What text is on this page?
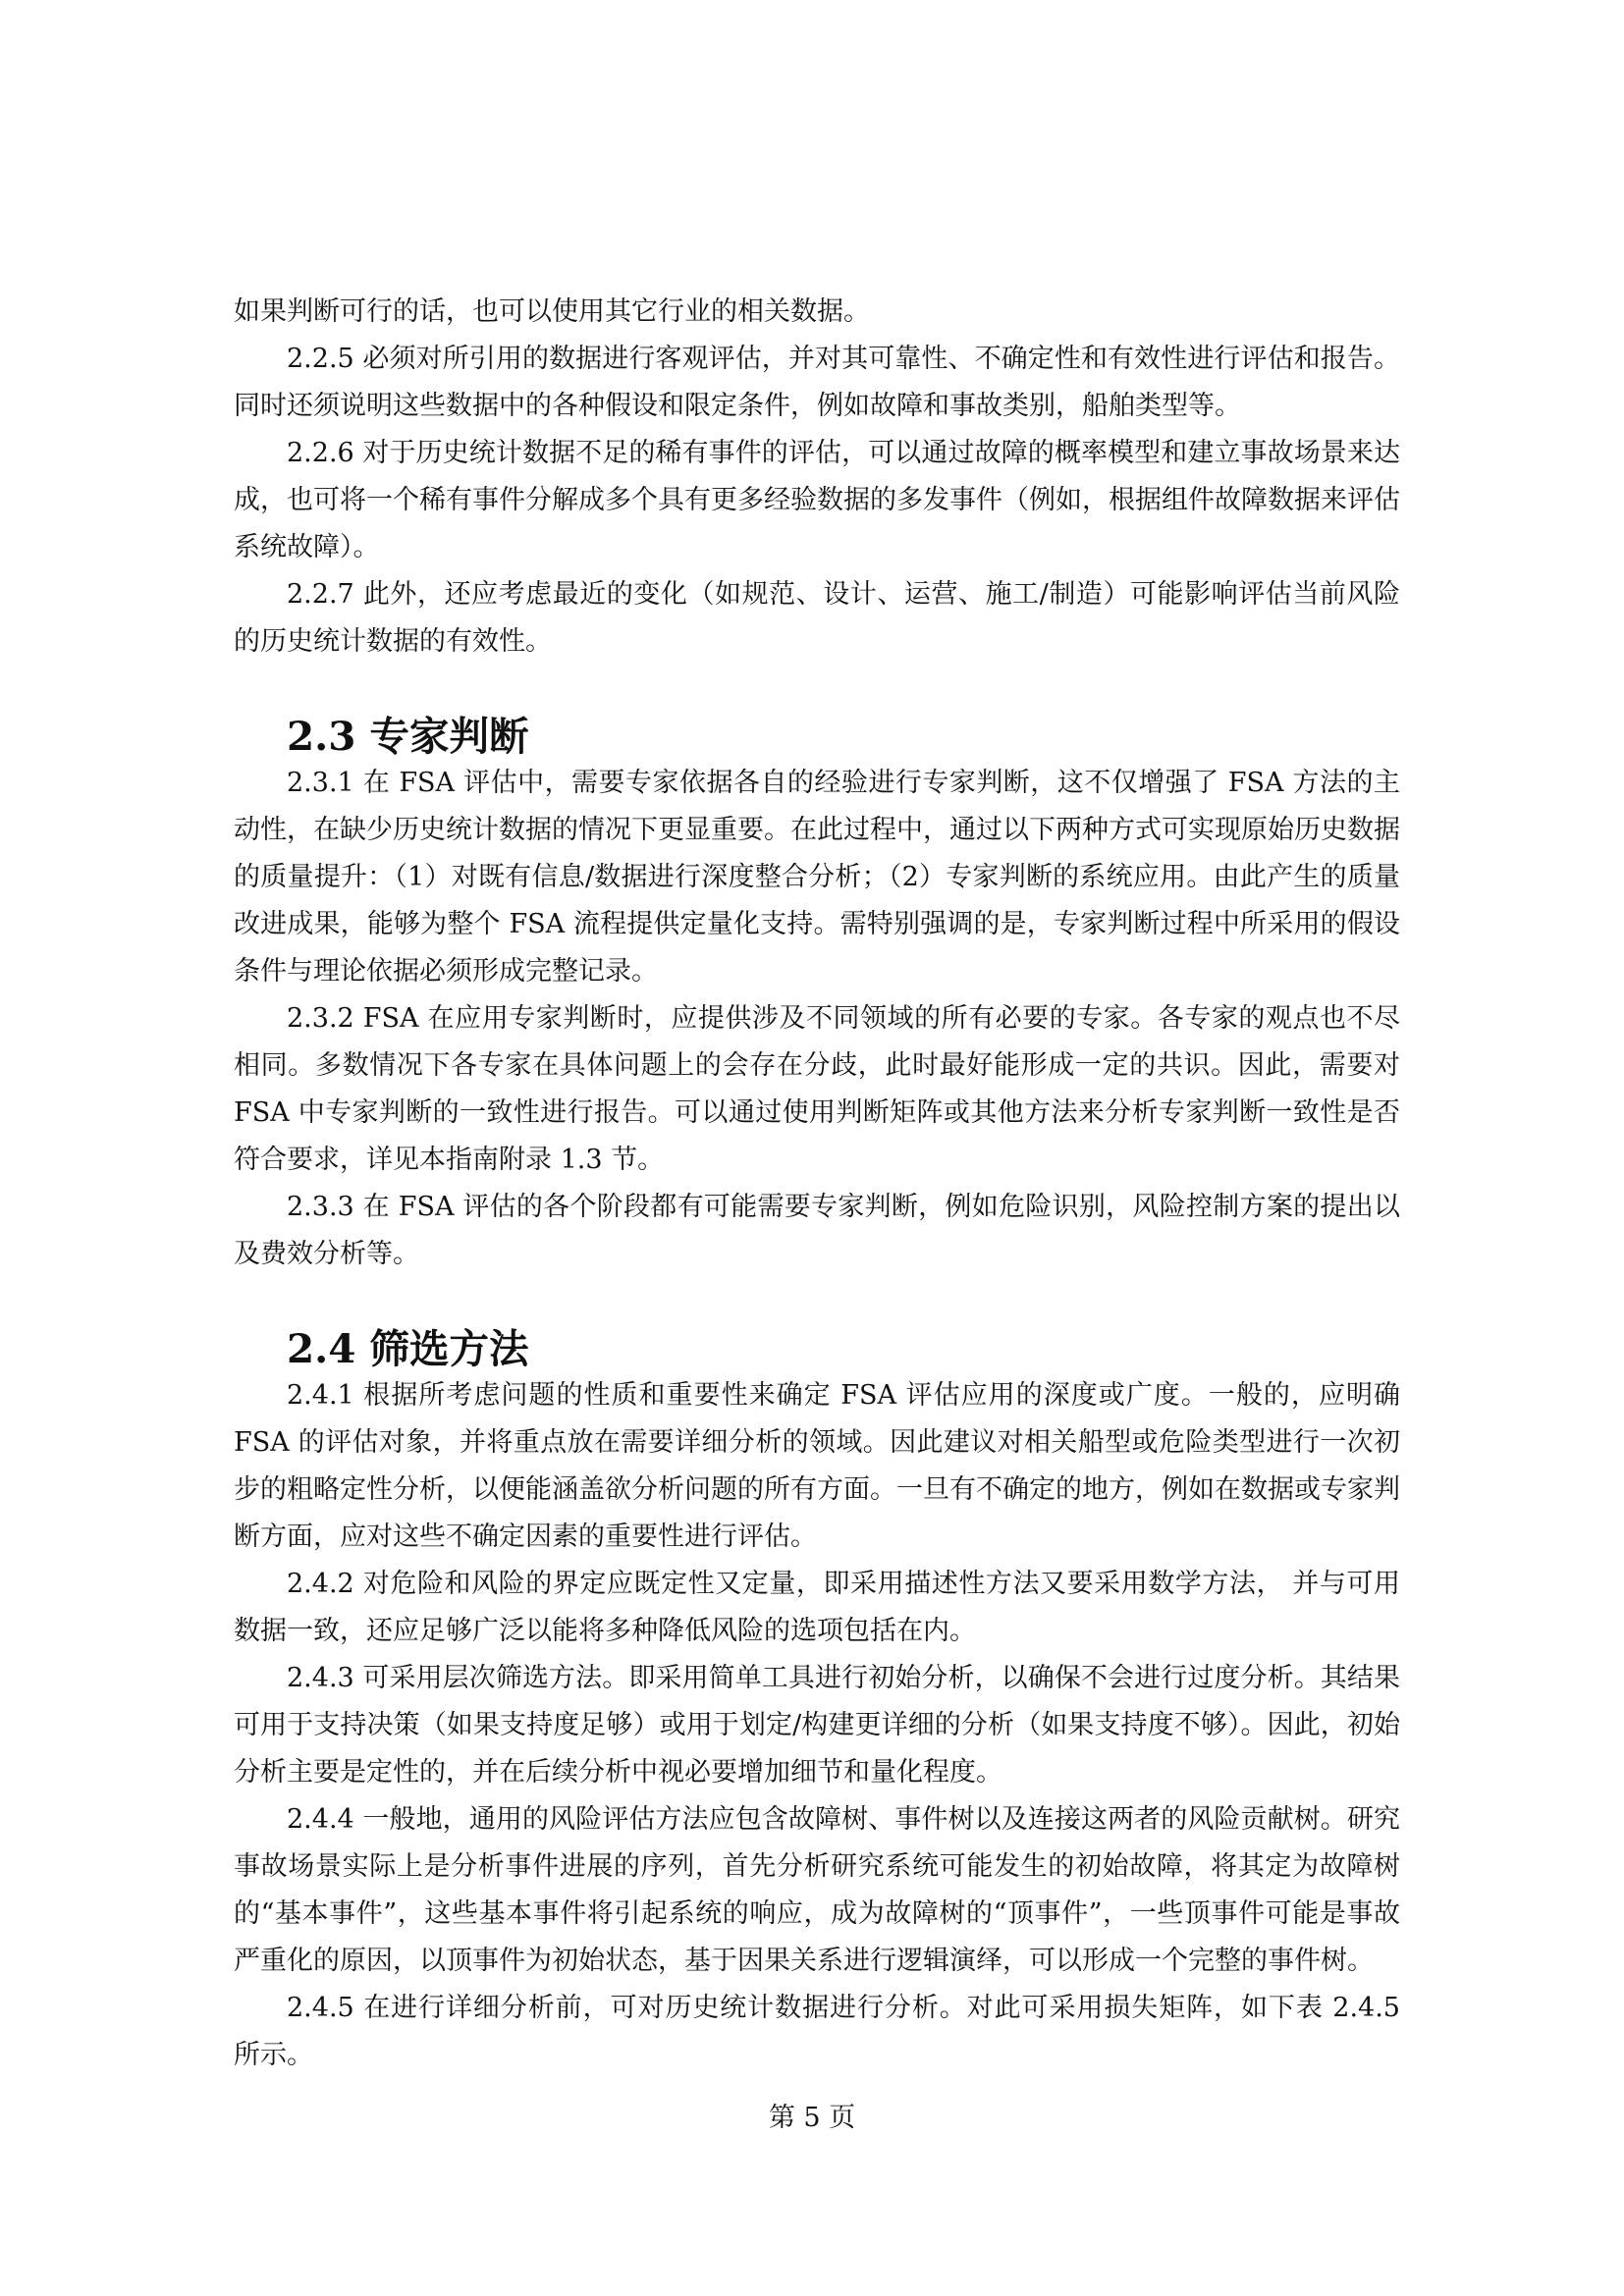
如果判断可行的话，也可以使用其它行业的相关数据。

2.2.5 必须对所引用的数据进行客观评估，并对其可靠性、不确定性和有效性进行评估和报告。同时还须说明这些数据中的各种假设和限定条件，例如故障和事故类别，船舶类型等。

2.2.6 对于历史统计数据不足的稀有事件的评估，可以通过故障的概率模型和建立事故场景来达成，也可将一个稀有事件分解成多个具有更多经验数据的多发事件（例如，根据组件故障数据来评估系统故障）。

2.2.7 此外，还应考虑最近的变化（如规范、设计、运营、施工/制造）可能影响评估当前风险的历史统计数据的有效性。

2.3 专家判断

2.3.1 在 FSA 评估中，需要专家依据各自的经验进行专家判断，这不仅增强了 FSA 方法的主动性，在缺少历史统计数据的情况下更显重要。在此过程中，通过以下两种方式可实现原始历史数据的质量提升：（1）对既有信息/数据进行深度整合分析；（2）专家判断的系统应用。由此产生的质量改进成果，能够为整个 FSA 流程提供定量化支持。需特别强调的是，专家判断过程中所采用的假设条件与理论依据必须形成完整记录。

2.3.2 FSA 在应用专家判断时，应提供涉及不同领域的所有必要的专家。各专家的观点也不尽相同。多数情况下各专家在具体问题上的会存在分歧，此时最好能形成一定的共识。因此，需要对 FSA 中专家判断的一致性进行报告。可以通过使用判断矩阵或其他方法来分析专家判断一致性是否符合要求，详见本指南附录 1.3 节。

2.3.3 在 FSA 评估的各个阶段都有可能需要专家判断，例如危险识别，风险控制方案的提出以及费效分析等。

2.4 筛选方法

2.4.1 根据所考虑问题的性质和重要性来确定 FSA 评估应用的深度或广度。一般的，应明确 FSA 的评估对象，并将重点放在需要详细分析的领域。因此建议对相关船型或危险类型进行一次初步的粗略定性分析，以便能涵盖欲分析问题的所有方面。一旦有不确定的地方，例如在数据或专家判断方面，应对这些不确定因素的重要性进行评估。

2.4.2 对危险和风险的界定应既定性又定量，即采用描述性方法又要采用数学方法， 并与可用数据一致，还应足够广泛以能将多种降低风险的选项包括在内。

2.4.3 可采用层次筛选方法。即采用简单工具进行初始分析，以确保不会进行过度分析。其结果可用于支持决策（如果支持度足够）或用于划定/构建更详细的分析（如果支持度不够）。因此，初始分析主要是定性的，并在后续分析中视必要增加细节和量化程度。

2.4.4 一般地，通用的风险评估方法应包含故障树、事件树以及连接这两者的风险贡献树。研究事故场景实际上是分析事件进展的序列，首先分析研究系统可能发生的初始故障，将其定为故障树的“基本事件”，这些基本事件将引起系统的响应，成为故障树的“顶事件”，一些顶事件可能是事故严重化的原因，以顶事件为初始状态，基于因果关系进行逻辑演绎，可以形成一个完整的事件树。

2.4.5 在进行详细分析前，可对历史统计数据进行分析。对此可采用损失矩阵，如下表 2.4.5 所示。

第 5 页
